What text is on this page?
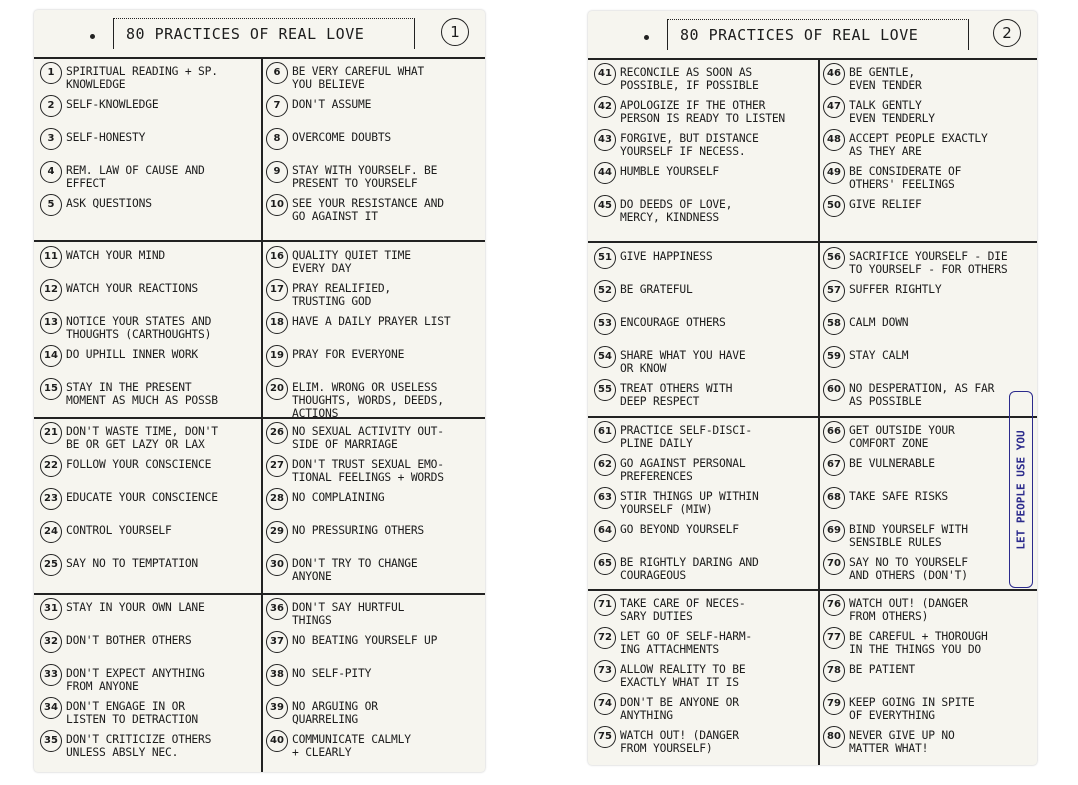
80 PRACTICES OF REAL LOVE	1
1	SPIRITUAL READING + SP.
KNOWLEDGE
2	SELF-KNOWLEDGE
3	SELF-HONESTY
4	REM. LAW OF CAUSE AND
EFFECT
5	ASK QUESTIONS
6	BE VERY CAREFUL WHAT
YOU BELIEVE
7	DON'T ASSUME
8	OVERCOME DOUBTS
9	STAY WITH YOURSELF. BE
PRESENT TO YOURSELF
10 SEE YOUR RESISTANCE AND
GO AGAINST IT
11 WATCH YOUR MIND
12 WATCH YOUR REACTIONS
13 NOTICE YOUR STATES AND
THOUGHTS (CARTHOUGHTS)
14 DO UPHILL INNER WORK
15 STAY IN THE PRESENT
MOMENT AS MUCH AS POSSB
16 QUALITY QUIET TIME
EVERY DAY
17 PRAY REALIFIED,
TRUSTING GOD
18 HAVE A DAILY PRAYER LIST
19 PRAY FOR EVERYONE
20 ELIM. WRONG OR USELESS
THOUGHTS, WORDS, DEEDS, ACTIONS
21 DON'T WASTE TIME, DON'T
BE OR GET LAZY OR LAX
22 FOLLOW YOUR CONSCIENCE
23 EDUCATE YOUR CONSCIENCE
24 CONTROL YOURSELF
25 SAY NO TO TEMPTATION
26 NO SEXUAL ACTIVITY OUT-
SIDE OF MARRIAGE
27 DON'T TRUST SEXUAL EMO-
TIONAL FEELINGS + WORDS
28 NO COMPLAINING
29 NO PRESSURING OTHERS
30 DON'T TRY TO CHANGE
ANYONE
31 STAY IN YOUR OWN LANE
32 DON'T BOTHER OTHERS
33 DON'T EXPECT ANYTHING
FROM ANYONE
34 DON'T ENGAGE IN OR
LISTEN TO DETRACTION
35 DON'T CRITICIZE OTHERS
UNLESS ABSLY NEC.
36 DON'T SAY HURTFUL
THINGS
37 NO BEATING YOURSELF UP
38 NO SELF-PITY
39 NO ARGUING OR
QUARRELING
40 COMMUNICATE CALMLY
+ CLEARLY
80 PRACTICES OF REAL LOVE	2
LET PEOPLE USE YOU
41 RECONCILE AS SOON AS
POSSIBLE, IF POSSIBLE
42 APOLOGIZE IF THE OTHER
PERSON IS READY TO LISTEN
43 FORGIVE, BUT DISTANCE
YOURSELF IF NECESS.
44 HUMBLE YOURSELF
45 DO DEEDS OF LOVE,
MERCY, KINDNESS
46 BE GENTLE,
EVEN TENDER
47 TALK GENTLY
EVEN TENDERLY
48 ACCEPT PEOPLE EXACTLY
AS THEY ARE
49 BE CONSIDERATE OF
OTHERS' FEELINGS
50 GIVE RELIEF
51 GIVE HAPPINESS
52 BE GRATEFUL
53 ENCOURAGE OTHERS
54 SHARE WHAT YOU HAVE
OR KNOW
55 TREAT OTHERS WITH
DEEP RESPECT
56 SACRIFICE YOURSELF - DIE
TO YOURSELF - FOR OTHERS
57 SUFFER RIGHTLY
58 CALM DOWN
59 STAY CALM
60 NO DESPERATION, AS FAR
AS POSSIBLE
61 PRACTICE SELF-DISCI-
PLINE DAILY
62 GO AGAINST PERSONAL
PREFERENCES
63 STIR THINGS UP WITHIN
YOURSELF (MIW)
64 GO BEYOND YOURSELF
65 BE RIGHTLY DARING AND
COURAGEOUS
66 GET OUTSIDE YOUR
COMFORT ZONE
67 BE VULNERABLE
68 TAKE SAFE RISKS
69 BIND YOURSELF WITH
SENSIBLE RULES
70 SAY NO TO YOURSELF
AND OTHERS (DON'T)
71 TAKE CARE OF NECES-
SARY DUTIES
72 LET GO OF SELF-HARM-
ING ATTACHMENTS
73 ALLOW REALITY TO BE
EXACTLY WHAT IT IS
74 DON'T BE ANYONE OR
ANYTHING
75 WATCH OUT! (DANGER
FROM YOURSELF)
76 WATCH OUT! (DANGER
FROM OTHERS)
77 BE CAREFUL + THOROUGH
IN THE THINGS YOU DO
78 BE PATIENT
79 KEEP GOING IN SPITE
OF EVERYTHING
80 NEVER GIVE UP NO
MATTER WHAT!
